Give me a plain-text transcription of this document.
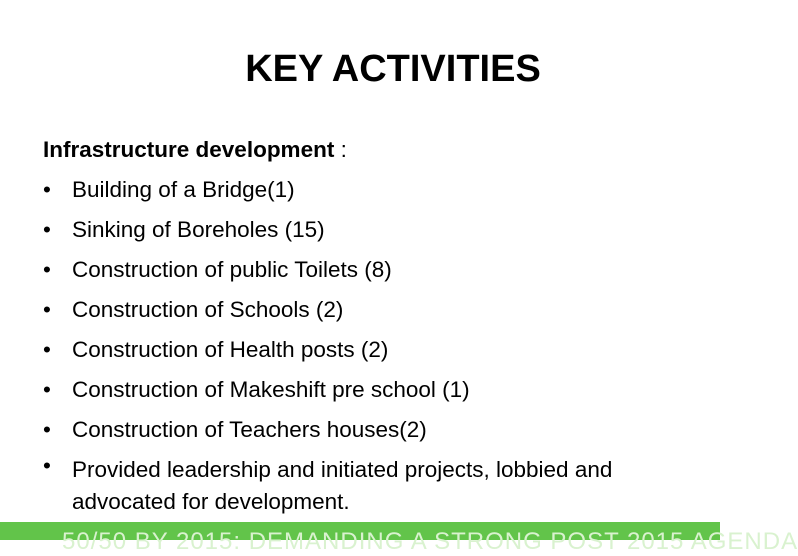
KEY ACTIVITIES
Infrastructure development :
• Building of a Bridge(1)
• Sinking of Boreholes (15)
• Construction of public Toilets (8)
• Construction of Schools (2)
• Construction of Health posts (2)
• Construction of Makeshift pre school (1)
• Construction of Teachers houses(2)
• Provided leadership and initiated projects, lobbied and advocated for development.
50/50 BY 2015: DEMANDING A STRONG POST 2015 AGENDA
